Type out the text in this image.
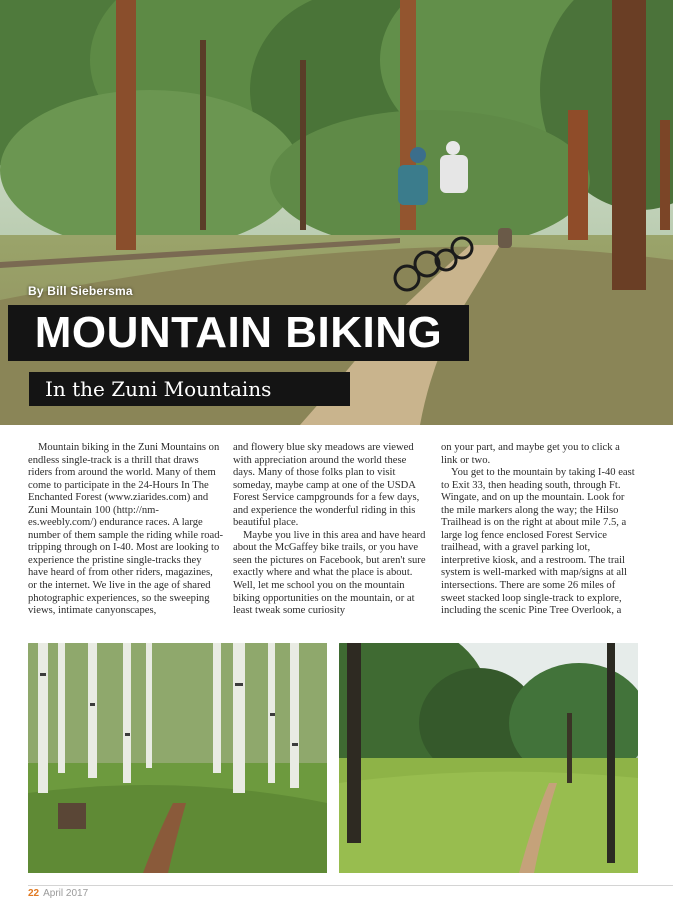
By Bill Siebersma
MOUNTAIN BIKING
In the Zuni Mountains

Mountain biking in the Zuni Mountains on endless single-track is a thrill that draws riders from around the world. Many of them come to participate in the 24-Hours In The Enchanted Forest (www.ziarides.com) and Zuni Mountain 100 (http://nm-es.weebly.com/) endurance races. A large number of them sample the riding while road-tripping through on I-40. Most are looking to experience the pristine single-tracks they have heard of from other riders, magazines, or the internet. We live in the age of shared photographic experiences, so the sweeping views, intimate canyonscapes,

and flowery blue sky meadows are viewed with appreciation around the world these days. Many of those folks plan to visit someday, maybe camp at one of the USDA Forest Service campgrounds for a few days, and experience the wonderful riding in this beautiful place.

Maybe you live in this area and have heard about the McGaffey bike trails, or you have seen the pictures on Facebook, but aren't sure exactly where and what the place is about. Well, let me school you on the mountain biking opportunities on the mountain, or at least tweak some curiosity

on your part, and maybe get you to click a link or two.

You get to the mountain by taking I-40 east to Exit 33, then heading south, through Ft. Wingate, and on up the mountain. Look for the mile markers along the way; the Hilso Trailhead is on the right at about mile 7.5, a large log fence enclosed Forest Service trailhead, with a gravel parking lot, interpretive kiosk, and a restroom. The trail system is well-marked with map/signs at all intersections. There are some 26 miles of sweet stacked loop single-track to explore, including the scenic Pine Tree Overlook, a

22 April 2017
